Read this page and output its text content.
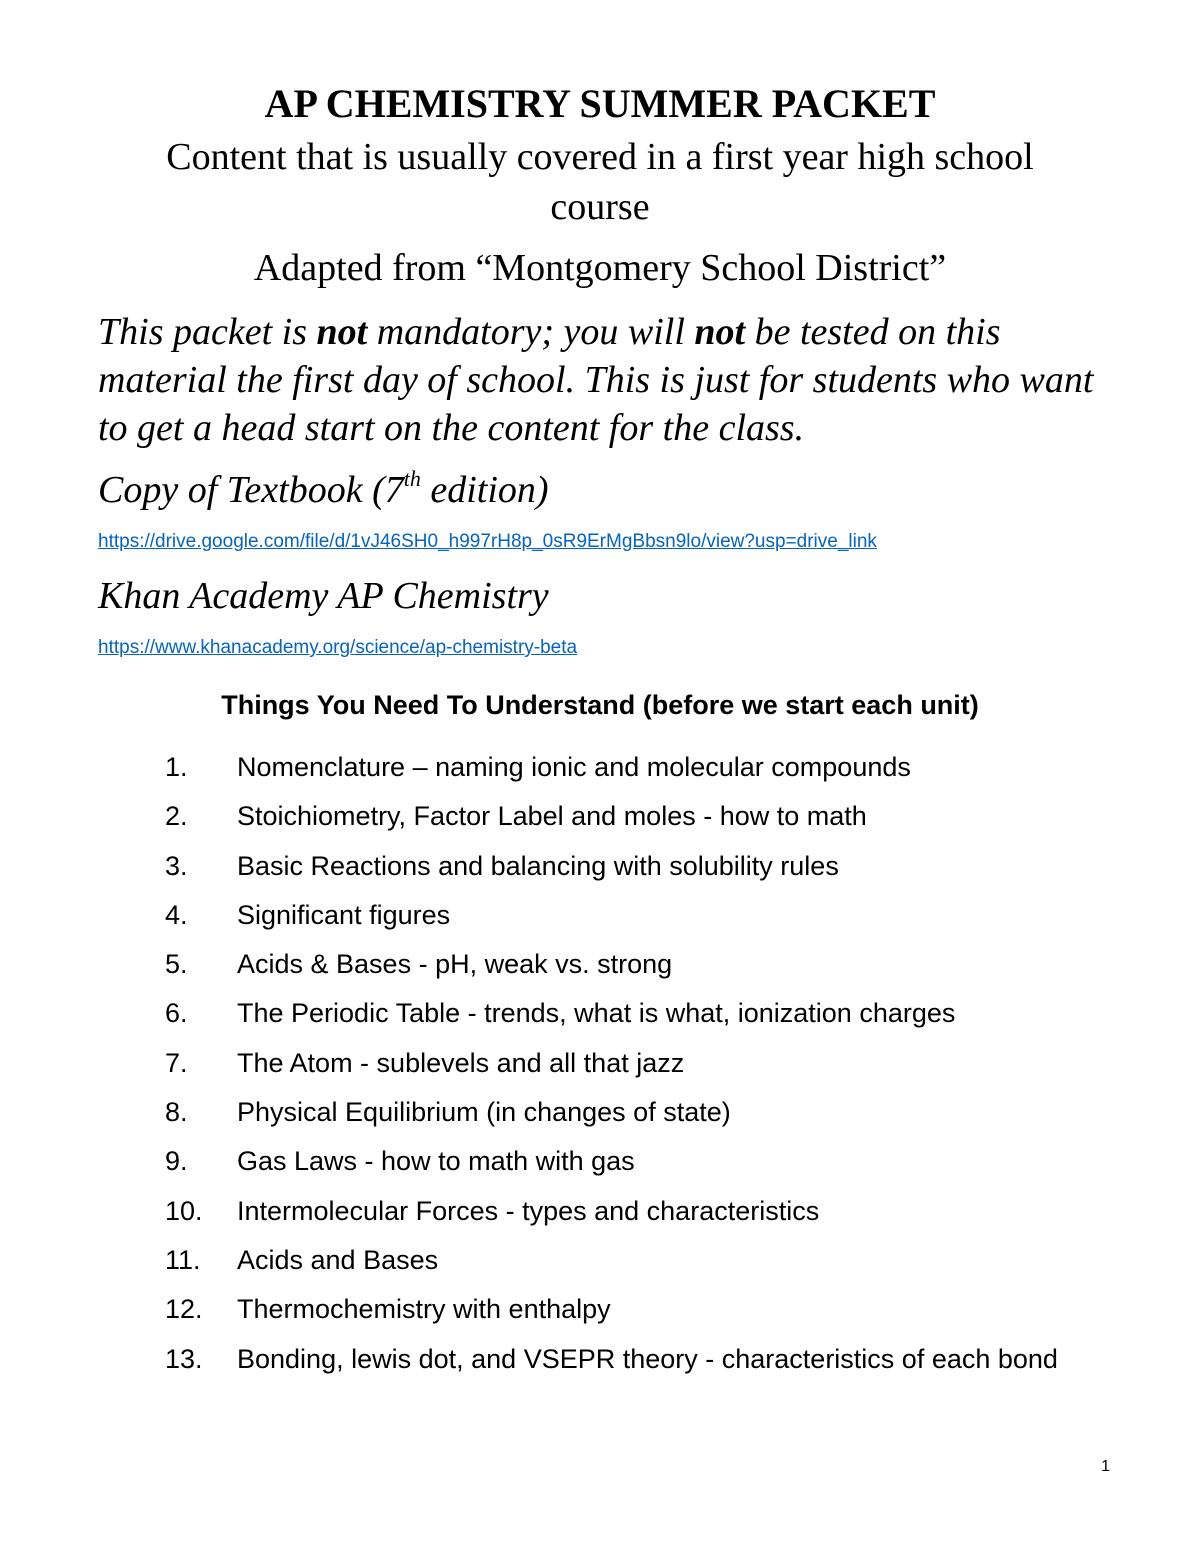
AP CHEMISTRY SUMMER PACKET
Content that is usually covered in a first year high school course
Adapted from “Montgomery School District”
This packet is not mandatory; you will not be tested on this material the first day of school. This is just for students who want to get a head start on the content for the class.
Copy of Textbook (7th edition)
https://drive.google.com/file/d/1vJ46SH0_h997rH8p_0sR9ErMgBbsn9lo/view?usp=drive_link
Khan Academy AP Chemistry
https://www.khanacademy.org/science/ap-chemistry-beta
Things You Need To Understand (before we start each unit)
1. Nomenclature – naming ionic and molecular compounds
2. Stoichiometry, Factor Label and moles - how to math
3. Basic Reactions and balancing with solubility rules
4. Significant figures
5. Acids & Bases - pH, weak vs. strong
6. The Periodic Table - trends, what is what, ionization charges
7. The Atom - sublevels and all that jazz
8. Physical Equilibrium (in changes of state)
9. Gas Laws - how to math with gas
10. Intermolecular Forces - types and characteristics
11. Acids and Bases
12. Thermochemistry with enthalpy
13. Bonding, lewis dot, and VSEPR theory - characteristics of each bond
1
